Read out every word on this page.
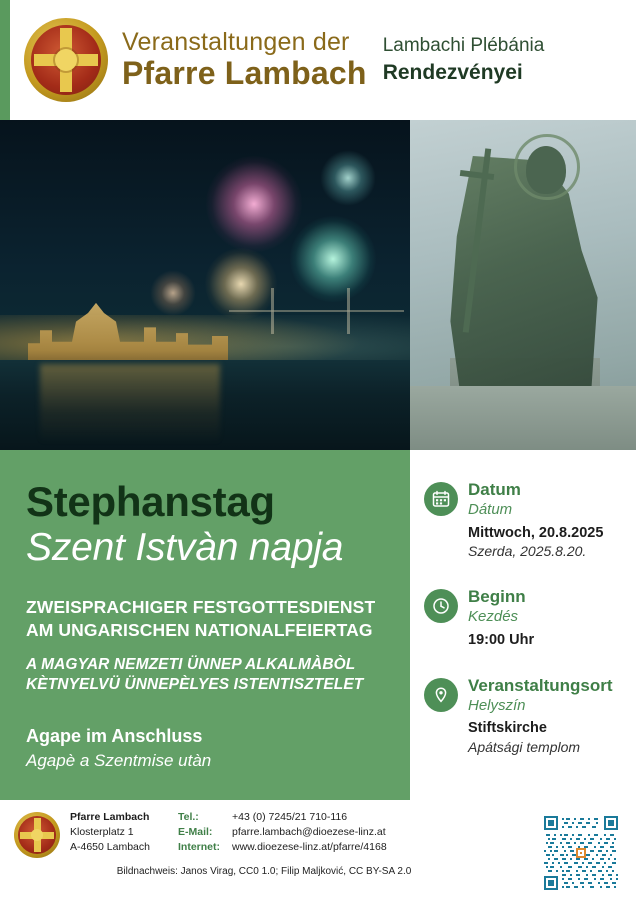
Veranstaltungen der
Pfarre Lambach
Lambachi Plébánia
Rendezvényei
Stephanstag
Szent Istvàn napja
ZWEISPRACHIGER FESTGOTTESDIENST
AM UNGARISCHEN NATIONALFEIERTAG
A MAGYAR NEMZETI ÜNNEP ALKALMÀBÒL
KÈTNYELVÜ ÜNNEPÈLYES ISTENTISZTELET
Agape im Anschluss
Agapè a Szentmise utàn
Datum
Dátum
Mittwoch, 20.8.2025
Szerda, 2025.8.20.
Beginn
Kezdés
19:00 Uhr
Veranstaltungsort
Helyszín
Stiftskirche
Apátsági templom
Pfarre Lambach
Klosterplatz 1
A-4650 Lambach
Tel.:	+43 (0) 7245/21 710-116
E-Mail:	pfarre.lambach@dioezese-linz.at
Internet:	www.dioezese-linz.at/pfarre/4168
Bildnachweis: Janos Virag, CC0 1.0; Filip Maljković, CC BY-SA 2.0
